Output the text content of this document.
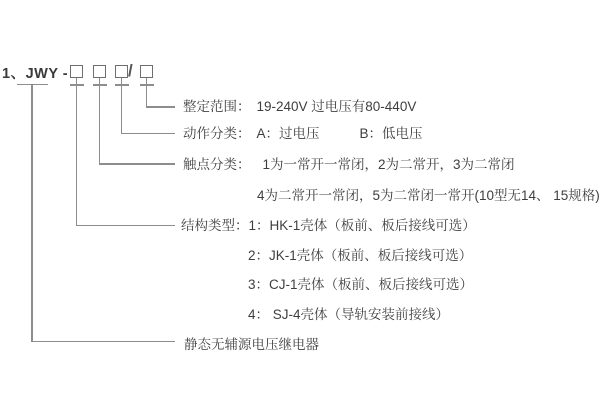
1、JWY -	/
整定范围： 19-240V 过电压有80-440V
动作分类： A：过电压	B：低电压
触点分类： 1为一常开一常闭，2为二常开，3为二常闭
4为二常开一常闭，5为二常闭一常开(10型无14、 15规格)
结构类型：1：HK-1壳体（板前、板后接线可选）
2：JK-1壳体（板前、板后接线可选）
3：CJ-1壳体（板前、板后接线可选）
4： SJ-4壳体（导轨安装前接线）
静态无辅源电压继电器
